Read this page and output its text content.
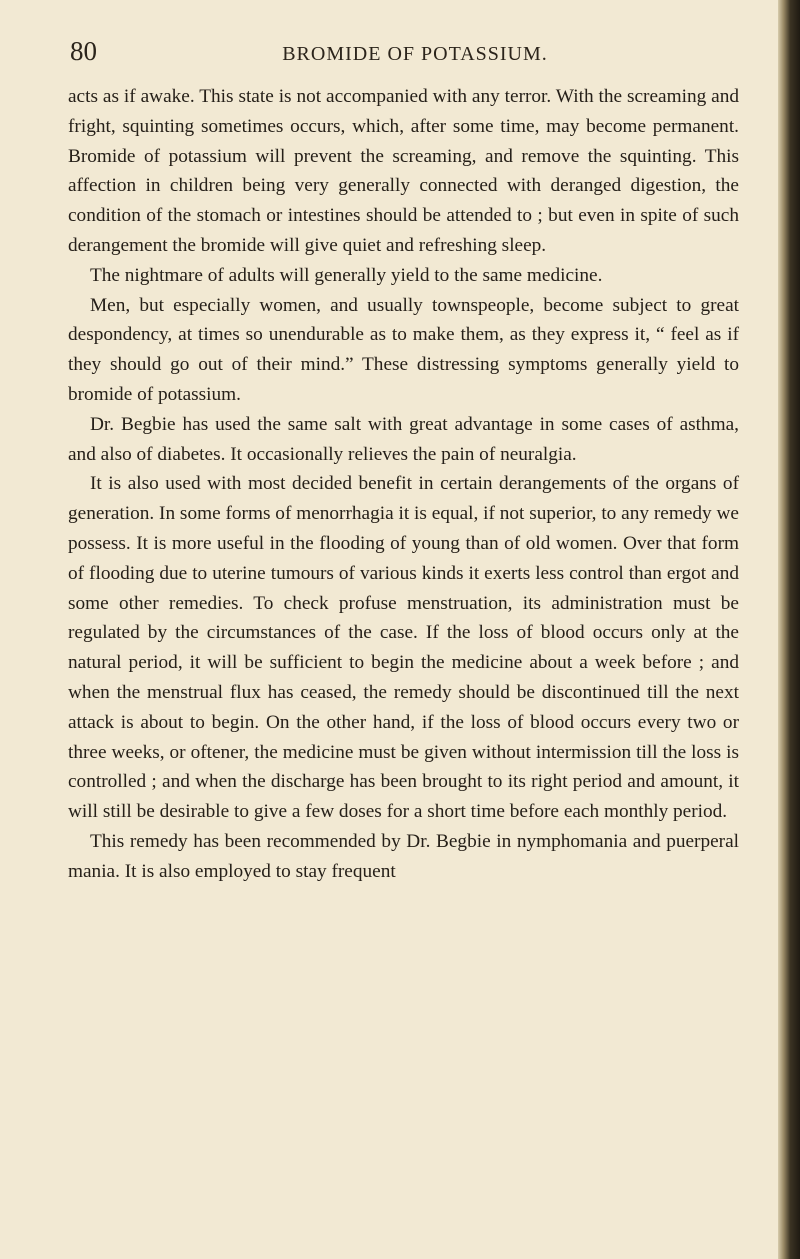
80	BROMIDE OF POTASSIUM.

acts as if awake. This state is not accompanied with any terror. With the screaming and fright, squinting sometimes occurs, which, after some time, may become permanent. Bromide of potassium will prevent the screaming, and remove the squinting. This affection in children being very generally connected with deranged digestion, the condition of the stomach or intestines should be attended to ; but even in spite of such derangement the bromide will give quiet and refreshing sleep.

The nightmare of adults will generally yield to the same medicine.

Men, but especially women, and usually townspeople, become subject to great despondency, at times so unendurable as to make them, as they express it, “ feel as if they should go out of their mind.” These distressing symptoms generally yield to bromide of potassium.

Dr. Begbie has used the same salt with great advantage in some cases of asthma, and also of diabetes. It occasionally relieves the pain of neuralgia.

It is also used with most decided benefit in certain derangements of the organs of generation. In some forms of menorrhagia it is equal, if not superior, to any remedy we possess. It is more useful in the flooding of young than of old women. Over that form of flooding due to uterine tumours of various kinds it exerts less control than ergot and some other remedies. To check profuse menstruation, its administration must be regulated by the circumstances of the case. If the loss of blood occurs only at the natural period, it will be sufficient to begin the medicine about a week before ; and when the menstrual flux has ceased, the remedy should be discontinued till the next attack is about to begin. On the other hand, if the loss of blood occurs every two or three weeks, or oftener, the medicine must be given without intermission till the loss is controlled ; and when the discharge has been brought to its right period and amount, it will still be desirable to give a few doses for a short time before each monthly period.

This remedy has been recommended by Dr. Begbie in nymphomania and puerperal mania. It is also employed to stay frequent
